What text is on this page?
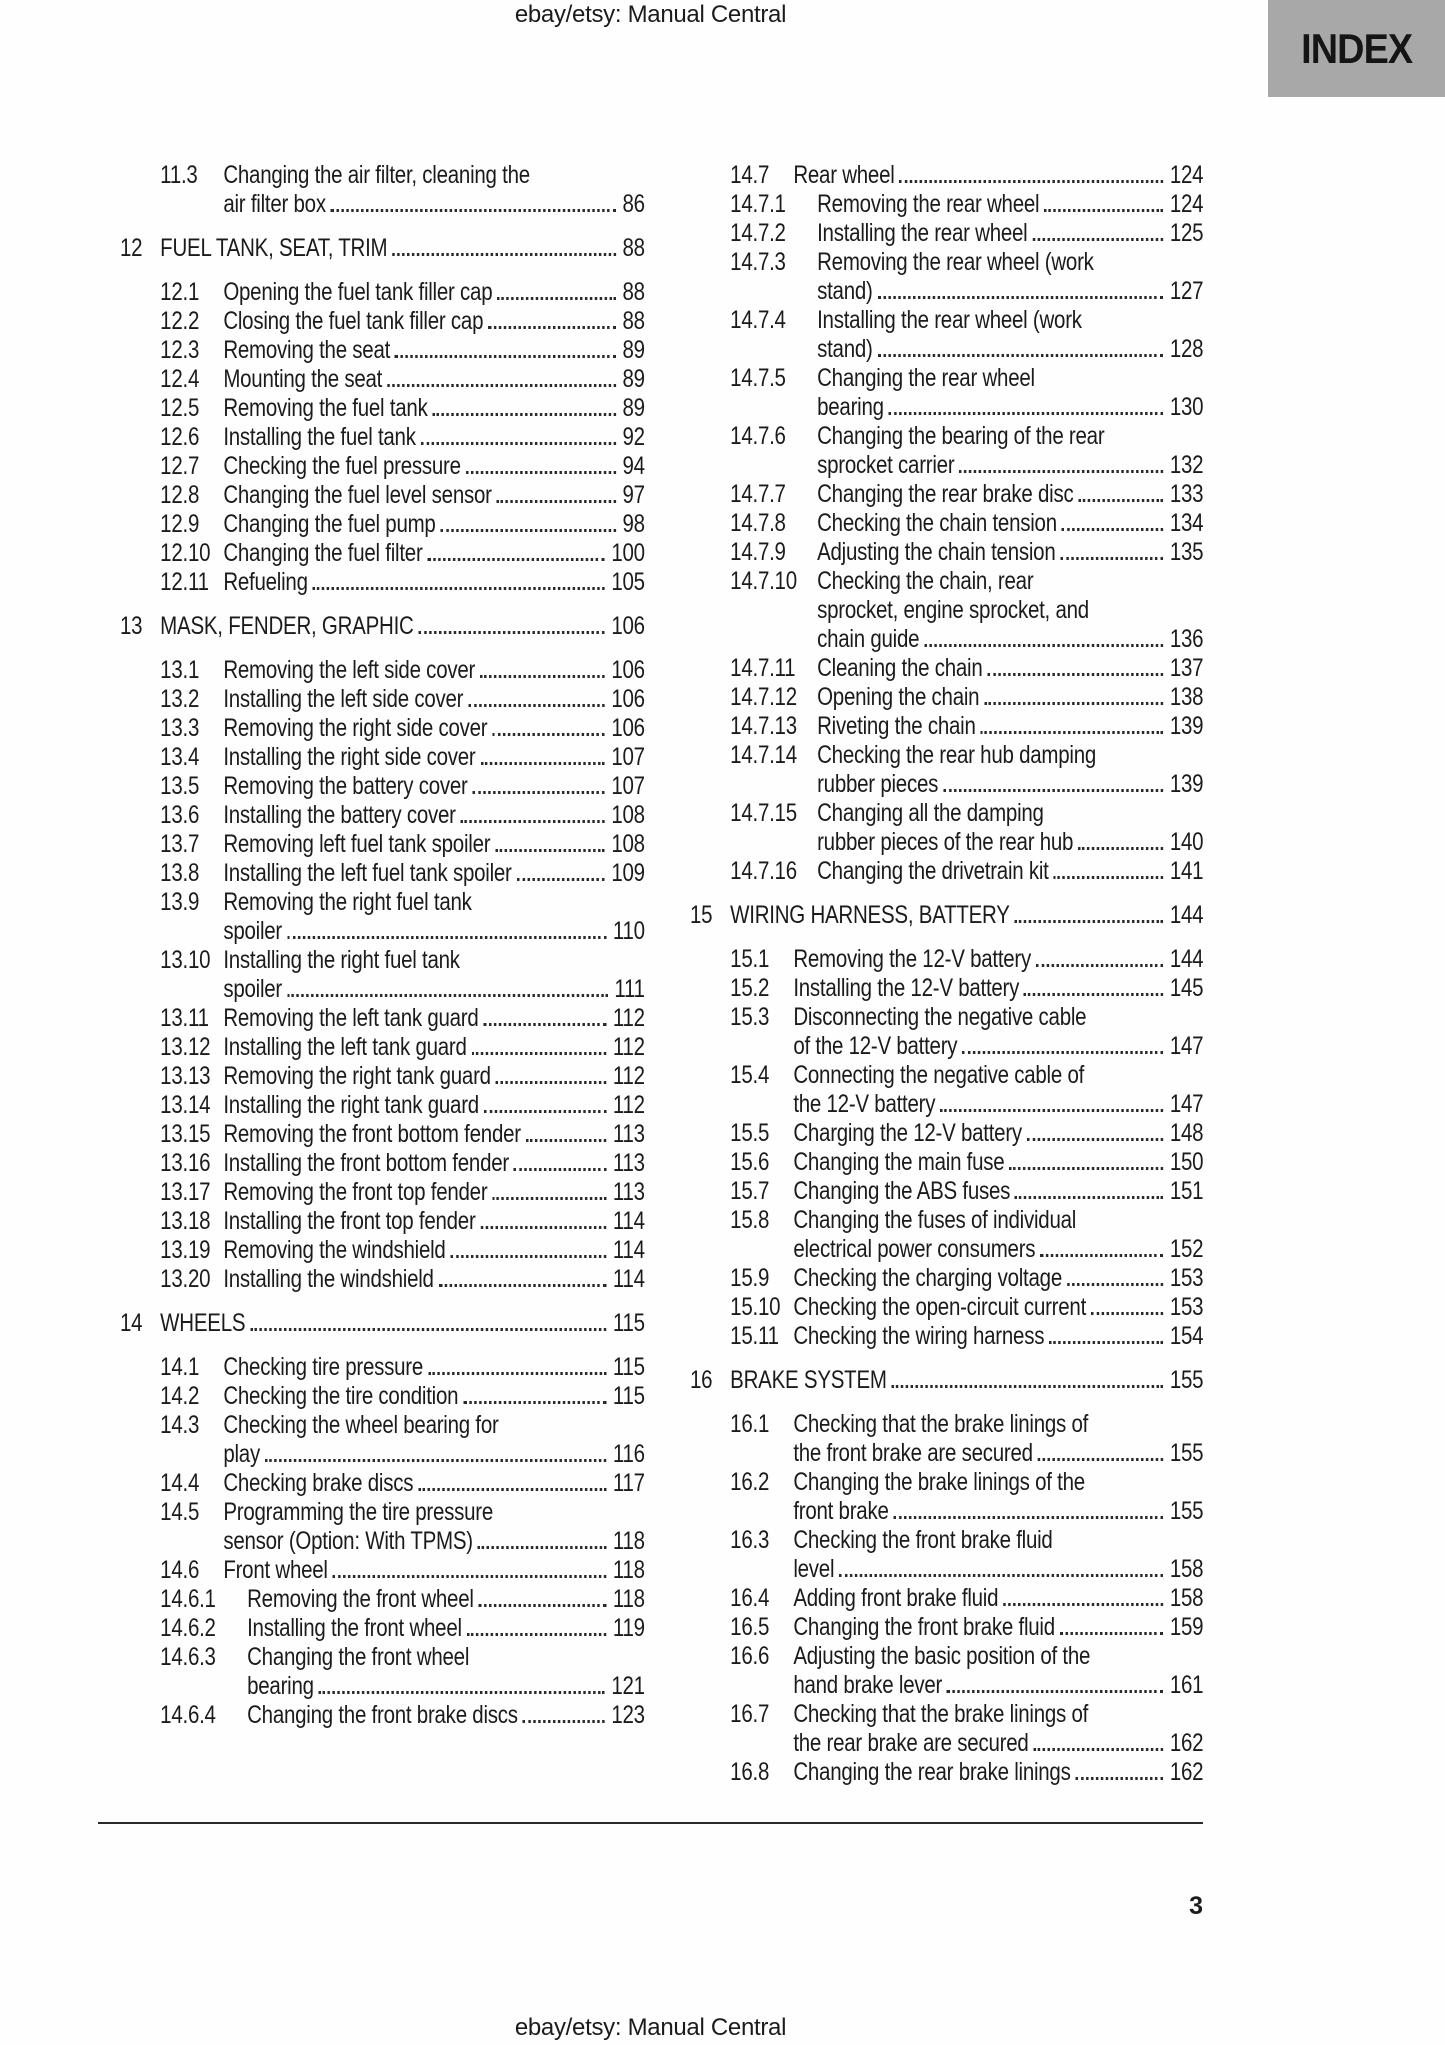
ebay/etsy: Manual Central
INDEX
11.3	Changing the air filter, cleaning the
air filter box	86
12 FUEL TANK, SEAT, TRIM	88
12.1 Opening the fuel tank filler cap	88
12.2 Closing the fuel tank filler cap	88
12.3 Removing the seat	89
12.4 Mounting the seat	89
12.5 Removing the fuel tank	89
12.6 Installing the fuel tank	92
12.7 Checking the fuel pressure	94
12.8 Changing the fuel level sensor	97
12.9 Changing the fuel pump	98
12.10 Changing the fuel filter	100
12.11 Refueling	105
13 MASK, FENDER, GRAPHIC	106
13.1 Removing the left side cover	106
13.2 Installing the left side cover	106
13.3 Removing the right side cover	106
13.4 Installing the right side cover	107
13.5 Removing the battery cover	107
13.6 Installing the battery cover	108
13.7 Removing left fuel tank spoiler	108
13.8 Installing the left fuel tank spoiler	109
13.9 Removing the right fuel tank
spoiler	110
13.10 Installing the right fuel tank
spoiler	111
13.11 Removing the left tank guard	112
13.12 Installing the left tank guard	112
13.13 Removing the right tank guard	112
13.14 Installing the right tank guard	112
13.15 Removing the front bottom fender	113
13.16 Installing the front bottom fender	113
13.17 Removing the front top fender	113
13.18 Installing the front top fender	114
13.19 Removing the windshield	114
13.20 Installing the windshield	114
14 WHEELS	115
14.1 Checking tire pressure	115
14.2 Checking the tire condition	115
14.3 Checking the wheel bearing for
play	116
14.4 Checking brake discs	117
14.5 Programming the tire pressure
sensor (Option: With TPMS)	118
14.6 Front wheel	118
14.6.1	Removing the front wheel	118
14.6.2	Installing the front wheel	119
14.6.3	Changing the front wheel
bearing	121
14.6.4	Changing the front brake discs	123
14.7 Rear wheel	124
14.7.1	Removing the rear wheel	124
14.7.2	Installing the rear wheel	125
14.7.3	Removing the rear wheel (work
stand)	127
14.7.4	Installing the rear wheel (work
stand)	128
14.7.5	Changing the rear wheel
bearing	130
14.7.6	Changing the bearing of the rear
sprocket carrier	132
14.7.7	Changing the rear brake disc	133
14.7.8	Checking the chain tension	134
14.7.9	Adjusting the chain tension	135
14.7.10 Checking the chain, rear
sprocket, engine sprocket, and
chain guide	136
14.7.11 Cleaning the chain	137
14.7.12 Opening the chain	138
14.7.13 Riveting the chain	139
14.7.14 Checking the rear hub damping
rubber pieces	139
14.7.15 Changing all the damping
rubber pieces of the rear hub	140
14.7.16 Changing the drivetrain kit	141
15 WIRING HARNESS, BATTERY	144
15.1 Removing the 12-V battery	144
15.2 Installing the 12-V battery	145
15.3 Disconnecting the negative cable
of the 12-V battery	147
15.4 Connecting the negative cable of
the 12-V battery	147
15.5 Charging the 12-V battery	148
15.6 Changing the main fuse	150
15.7 Changing the ABS fuses	151
15.8 Changing the fuses of individual
electrical power consumers	152
15.9 Checking the charging voltage	153
15.10 Checking the open-circuit current	153
15.11 Checking the wiring harness	154
16 BRAKE SYSTEM	155
16.1 Checking that the brake linings of
the front brake are secured	155
16.2 Changing the brake linings of the
front brake	155
16.3 Checking the front brake fluid
level	158
16.4 Adding front brake fluid	158
16.5 Changing the front brake fluid	159
16.6 Adjusting the basic position of the
hand brake lever	161
16.7 Checking that the brake linings of
the rear brake are secured	162
16.8 Changing the rear brake linings	162
3
ebay/etsy: Manual Central
